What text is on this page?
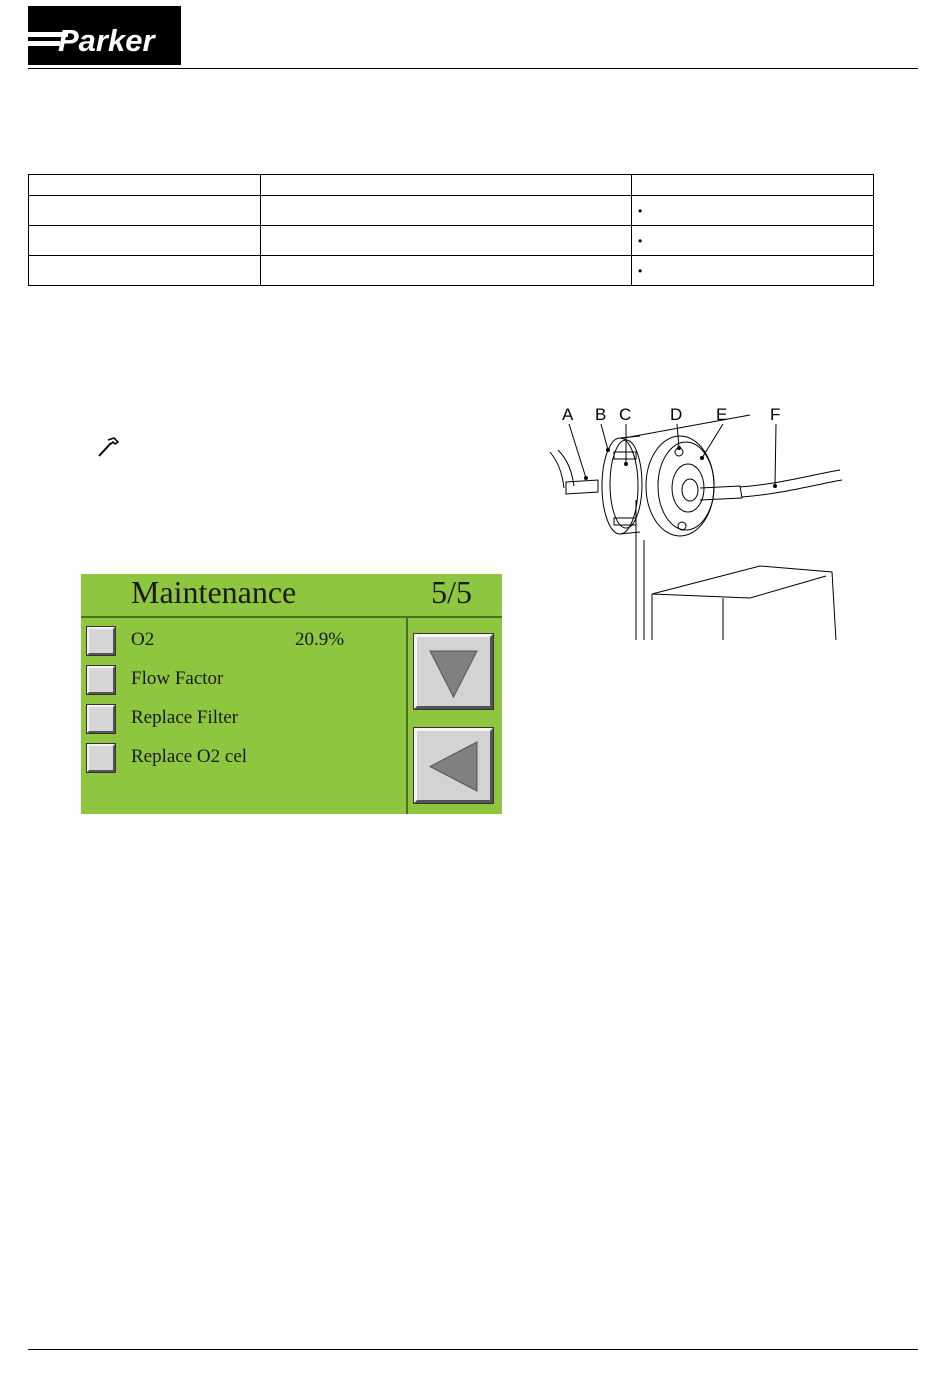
Parker

		•
		•
		•
Maintenance	5/5
O2	20.9%
Flow Factor
Replace Filter
Replace O2 cel
A B C D E	F
